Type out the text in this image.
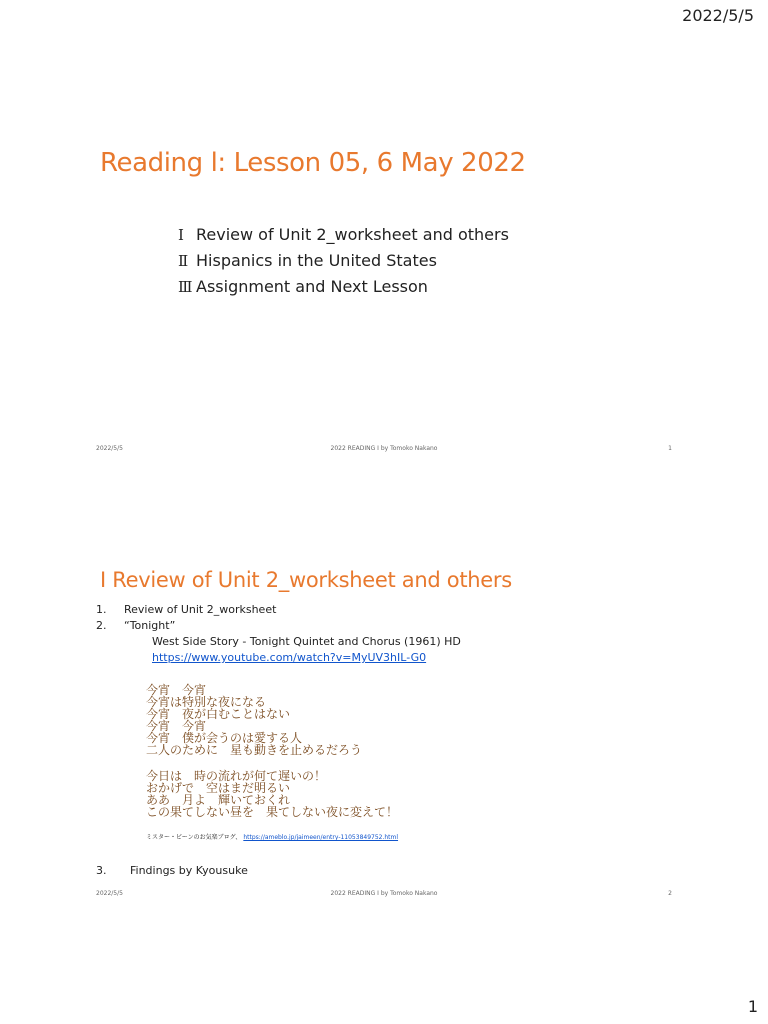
2022/5/5
Reading l: Lesson 05, 6 May 2022
Ⅰ Review of Unit 2_worksheet and others
Ⅱ Hispanics in the United States
Ⅲ Assignment and Next Lesson
2022/5/5	2022 READING I by Tomoko Nakano	1
Ⅰ Review of Unit 2_worksheet and others
1. Review of Unit 2_worksheet
2. “Tonight”
West Side Story - Tonight Quintet and Chorus (1961) HD
https://www.youtube.com/watch?v=MyUV3hIL-G0
今宵　今宵
今宵は特別な夜になる
今宵　夜が白むことはない
今宵　今宵
今宵　僕が会うのは愛する人
二人のために　星も動きを止めるだろう
今日は　時の流れが何て遅いの！
おかげで　空はまだ明るい
ああ　月よ　輝いておくれ
この果てしない昼を　果てしない夜に変えて！
ミスター・ビーンのお気楽ブログ、 https://ameblo.jp/jaimeen/entry-11053849752.html
3. Findings by Kyousuke
2022/5/5	2022 READING I by Tomoko Nakano	2
1
